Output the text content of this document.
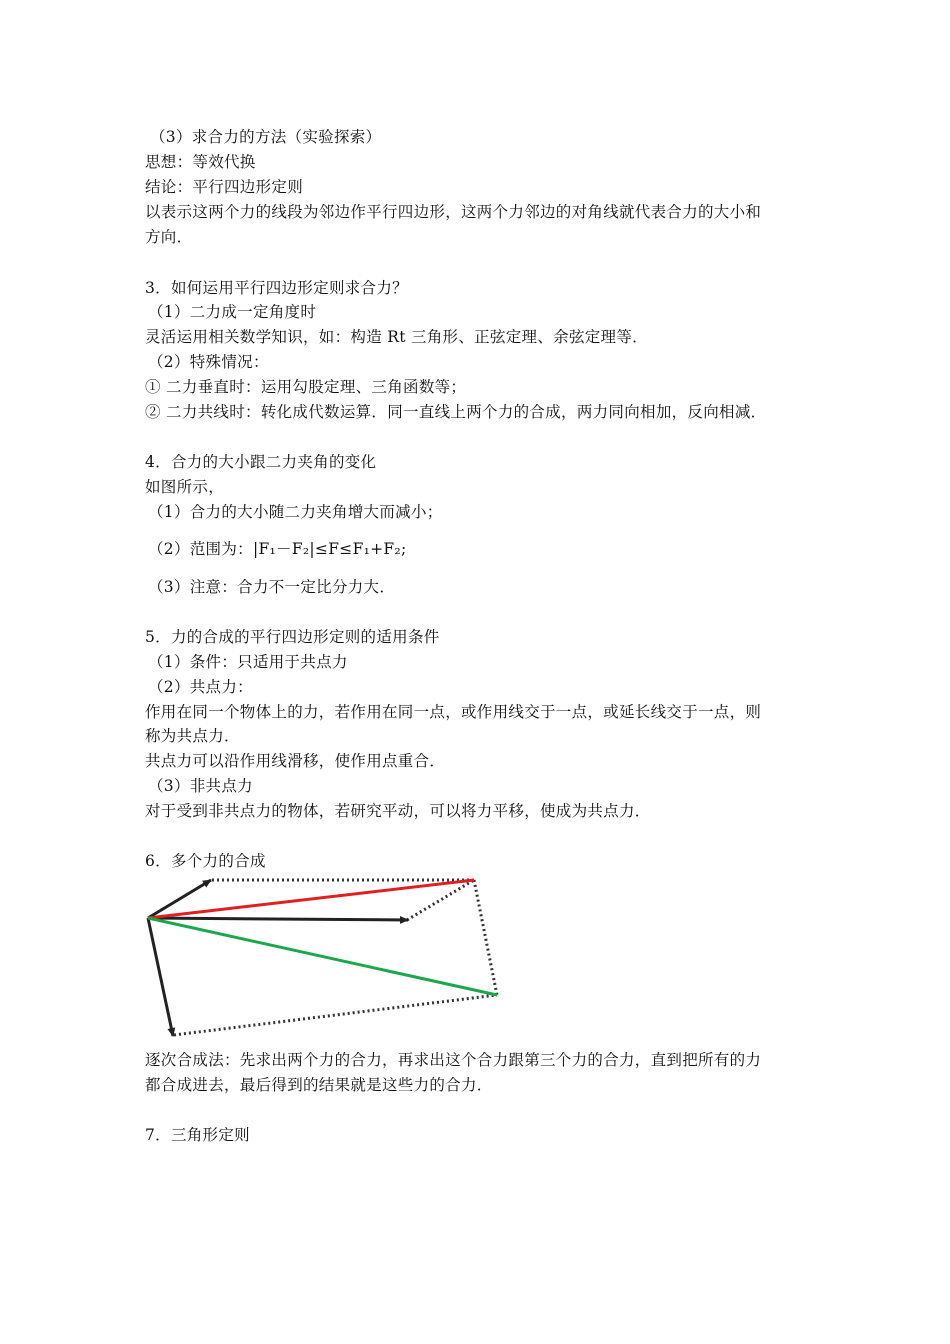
（3）求合力的方法（实验探索）
思想：等效代换
结论：平行四边形定则
以表示这两个力的线段为邻边作平行四边形，这两个力邻边的对角线就代表合力的大小和
方向．
3．如何运用平行四边形定则求合力？
（1）二力成一定角度时
灵活运用相关数学知识，如：构造 Rt 三角形、正弦定理、余弦定理等．
（2）特殊情况：
① 二力垂直时：运用勾股定理、三角函数等；
② 二力共线时：转化成代数运算．同一直线上两个力的合成，两力同向相加，反向相减．
4．合力的大小跟二力夹角的变化
如图所示，
（1）合力的大小随二力夹角增大而减小；
（2）范围为：|F₁－F₂|≤F≤F₁+F₂;
（3）注意：合力不一定比分力大．
5．力的合成的平行四边形定则的适用条件
（1）条件：只适用于共点力
（2）共点力：
作用在同一个物体上的力，若作用在同一点，或作用线交于一点，或延长线交于一点，则
称为共点力．
共点力可以沿作用线滑移，使作用点重合．
（3）非共点力
对于受到非共点力的物体，若研究平动，可以将力平移，使成为共点力．
6．多个力的合成
逐次合成法：先求出两个力的合力，再求出这个合力跟第三个力的合力，直到把所有的力
都合成进去，最后得到的结果就是这些力的合力．
7．三角形定则
